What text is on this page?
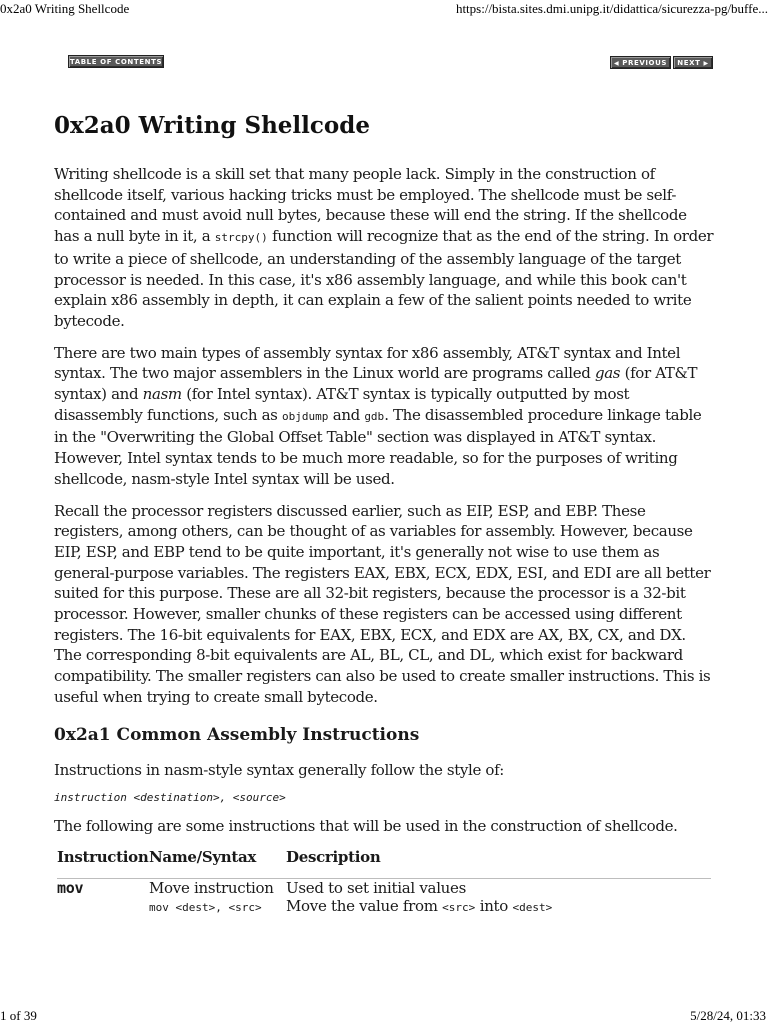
0x2a0 Writing Shellcode	https://bista.sites.dmi.unipg.it/didattica/sicurezza-pg/buffe...
TABLE OF CONTENTS	◀ PREVIOUS	NEXT ▶
0x2a0 Writing Shellcode

Writing shellcode is a skill set that many people lack. Simply in the construction of shellcode itself, various hacking tricks must be employed. The shellcode must be self-contained and must avoid null bytes, because these will end the string. If the shellcode has a null byte in it, a strcpy() function will recognize that as the end of the string. In order to write a piece of shellcode, an understanding of the assembly language of the target processor is needed. In this case, it's x86 assembly language, and while this book can't explain x86 assembly in depth, it can explain a few of the salient points needed to write bytecode.

There are two main types of assembly syntax for x86 assembly, AT&T syntax and Intel syntax. The two major assemblers in the Linux world are programs called gas (for AT&T syntax) and nasm (for Intel syntax). AT&T syntax is typically outputted by most disassembly functions, such as objdump and gdb. The disassembled procedure linkage table in the "Overwriting the Global Offset Table" section was displayed in AT&T syntax. However, Intel syntax tends to be much more readable, so for the purposes of writing shellcode, nasm-style Intel syntax will be used.

Recall the processor registers discussed earlier, such as EIP, ESP, and EBP. These registers, among others, can be thought of as variables for assembly. However, because EIP, ESP, and EBP tend to be quite important, it's generally not wise to use them as general-purpose variables. The registers EAX, EBX, ECX, EDX, ESI, and EDI are all better suited for this purpose. These are all 32-bit registers, because the processor is a 32-bit processor. However, smaller chunks of these registers can be accessed using different registers. The 16-bit equivalents for EAX, EBX, ECX, and EDX are AX, BX, CX, and DX. The corresponding 8-bit equivalents are AL, BL, CL, and DL, which exist for backward compatibility. The smaller registers can also be used to create smaller instructions. This is useful when trying to create small bytecode.

0x2a1 Common Assembly Instructions

Instructions in nasm-style syntax generally follow the style of:

instruction <destination>, <source>

The following are some instructions that will be used in the construction of shellcode.

Instruction	Name/Syntax	Description
mov	Move instruction	Used to set initial values
	mov <dest>, <src>	Move the value from <src> into <dest>
1 of 39	5/28/24, 01:33
